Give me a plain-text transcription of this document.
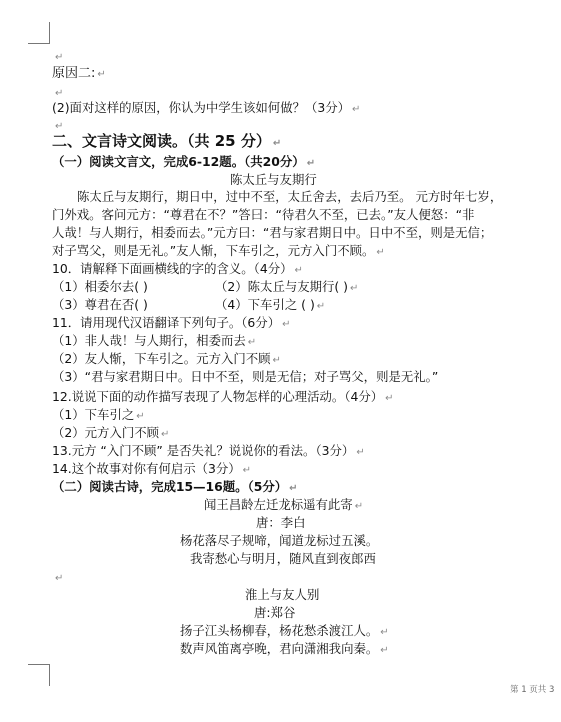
↵
原因二: ↵
↵
(2)面对这样的原因，你认为中学生该如何做？（3分） ↵
↵
二、文言诗文阅读。（共 25 分） ↵
（一）阅读文言文，完成6-12题。（共20分） ↵
陈太丘与友期行
陈太丘与友期行，期日中，过中不至，太丘舍去，去后乃至。 元方时年七岁，
门外戏。客问元方：“尊君在不？”答曰：“待君久不至，已去。”友人便怒：“非
人哉！与人期行，相委而去。”元方曰：“君与家君期日中。日中不至，则是无信；
对子骂父，则是无礼。”友人惭，下车引之，元方入门不顾。 ↵
10．请解释下面画横线的字的含义。（4分） ↵
（1）相委尔去( )	（2）陈太丘与友期行( ) ↵
（3）尊君在否( )	（4）下车引之 ( ) ↵
11．请用现代汉语翻译下列句子。（6分） ↵
（1）非人哉！与人期行，相委而去 ↵
（2）友人惭，下车引之。元方入门不顾 ↵
（3）“君与家君期日中。日中不至，则是无信；对子骂父，则是无礼。”
12.说说下面的动作描写表现了人物怎样的心理活动。（4分） ↵
（1）下车引之 ↵
（2）元方入门不顾 ↵
13.元方 “入门不顾” 是否失礼？说说你的看法。（3分） ↵
14.这个故事对你有何启示（3分） ↵
（二）阅读古诗，完成15—16题。（5分） ↵
闻王昌龄左迁龙标遥有此寄 ↵
唐：李白
杨花落尽子规啼，闻道龙标过五溪。
我寄愁心与明月，随风直到夜郎西
↵
淮上与友人别
唐:郑谷
扬子江头杨柳春，杨花愁杀渡江人。 ↵
数声风笛离亭晚，君向潇湘我向秦。 ↵
第 1 页共 3
